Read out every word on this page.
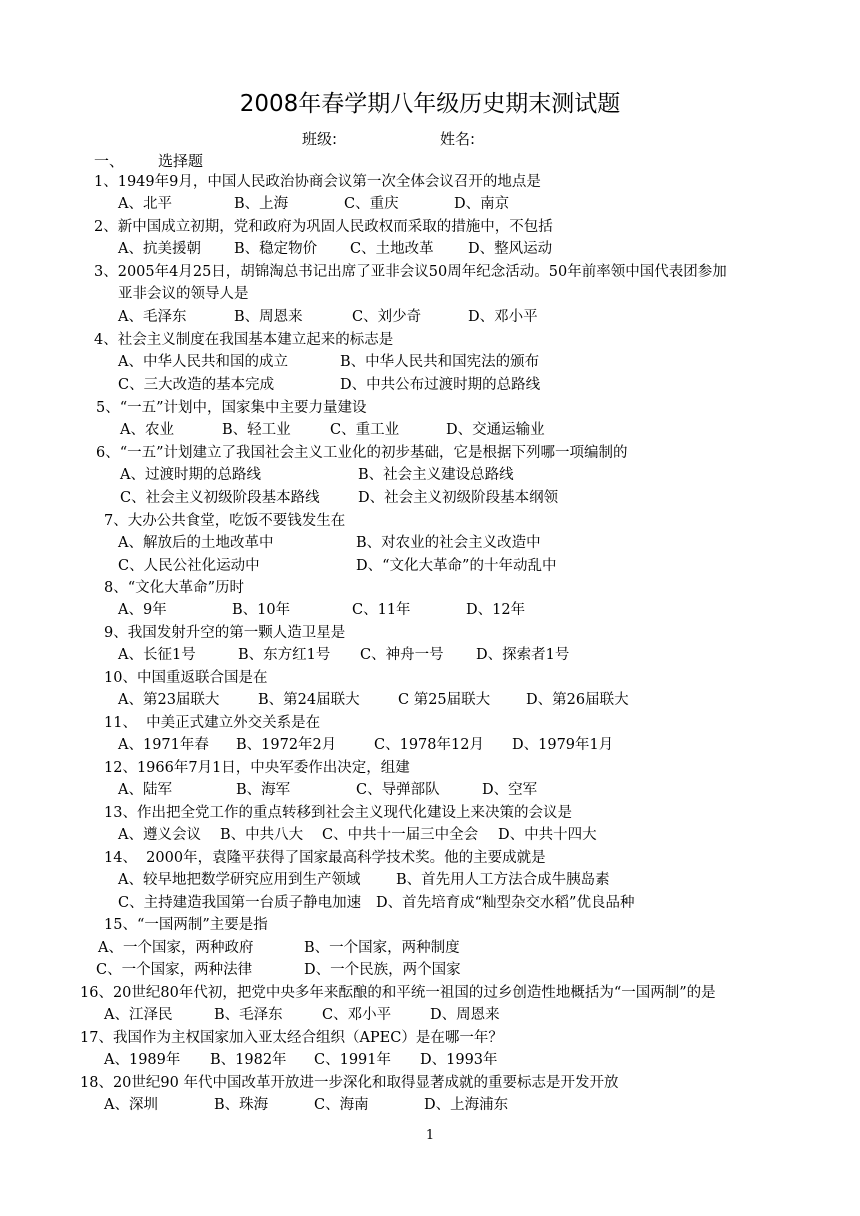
2008年春学期八年级历史期末测试题
班级:	姓名:
一、 选择题
1、1949年9月，中国人民政治协商会议第一次全体会议召开的地点是
A、北平	B、上海	C、重庆	D、南京
2、新中国成立初期，党和政府为巩固人民政权而采取的措施中，不包括
A、抗美援朝 B、稳定物价 C、土地改革 D、整风运动
3、2005年4月25日，胡锦淘总书记出席了亚非会议50周年纪念活动。50年前率领中国代表团参加
亚非会议的领导人是
A、毛泽东	B、周恩来	C、刘少奇	D、邓小平
4、社会主义制度在我国基本建立起来的标志是
A、中华人民共和国的成立	B、中华人民共和国宪法的颁布
C、三大改造的基本完成	D、中共公布过渡时期的总路线
5、“一五”计划中，国家集中主要力量建设
A、农业	B、轻工业	C、重工业	D、交通运输业
6、“一五”计划建立了我国社会主义工业化的初步基础，它是根据下列哪一项编制的
A、过渡时期的总路线	B、社会主义建设总路线
C、社会主义初级阶段基本路线	D、社会主义初级阶段基本纲领
7、大办公共食堂，吃饭不要钱发生在
A、解放后的土地改革中	B、对农业的社会主义改造中
C、人民公社化运动中	D、“文化大革命”的十年动乱中
8、“文化大革命”历时
A、9年	B、10年	C、11年	D、12年
9、我国发射升空的第一颗人造卫星是
A、长征1号	B、东方红1号 C、神舟一号 D、探索者1号
10、中国重返联合国是在
A、第23届联大	B、第24届联大	C 第25届联大 D、第26届联大
11、  中美正式建立外交关系是在
A、1971年春 B、1972年2月	C、1978年12月 D、1979年1月
12、1966年7月1日，中央军委作出决定，组建
A、陆军	B、海军	C、导弹部队	D、空军
13、作出把全党工作的重点转移到社会主义现代化建设上来决策的会议是
A、遵义会议 B、中共八大 C、中共十一届三中全会 D、中共十四大
14、  2000年，袁隆平获得了国家最高科学技术奖。他的主要成就是
A、较早地把数学研究应用到生产领域 B、首先用人工方法合成牛胰岛素
C、主持建造我国第一台质子静电加速 D、首先培育成“籼型杂交水稻”优良品种
15、“一国两制”主要是指
A、一个国家，两种政府	B、一个国家，两种制度
C、一个国家，两种法律	D、一个民族，两个国家
16、20世纪80年代初，把党中央多年来酝酿的和平统一祖国的过乡创造性地概括为“一国两制”的是
A、江泽民	B、毛泽东	C、邓小平	D、周恩来
17、我国作为主权国家加入亚太经合组织（APEC）是在哪一年？
A、1989年 B、1982年 C、1991年 D、1993年
18、20世纪90 年代中国改革开放进一步深化和取得显著成就的重要标志是开发开放
A、深圳	B、珠海	C、海南	D、上海浦东
1
